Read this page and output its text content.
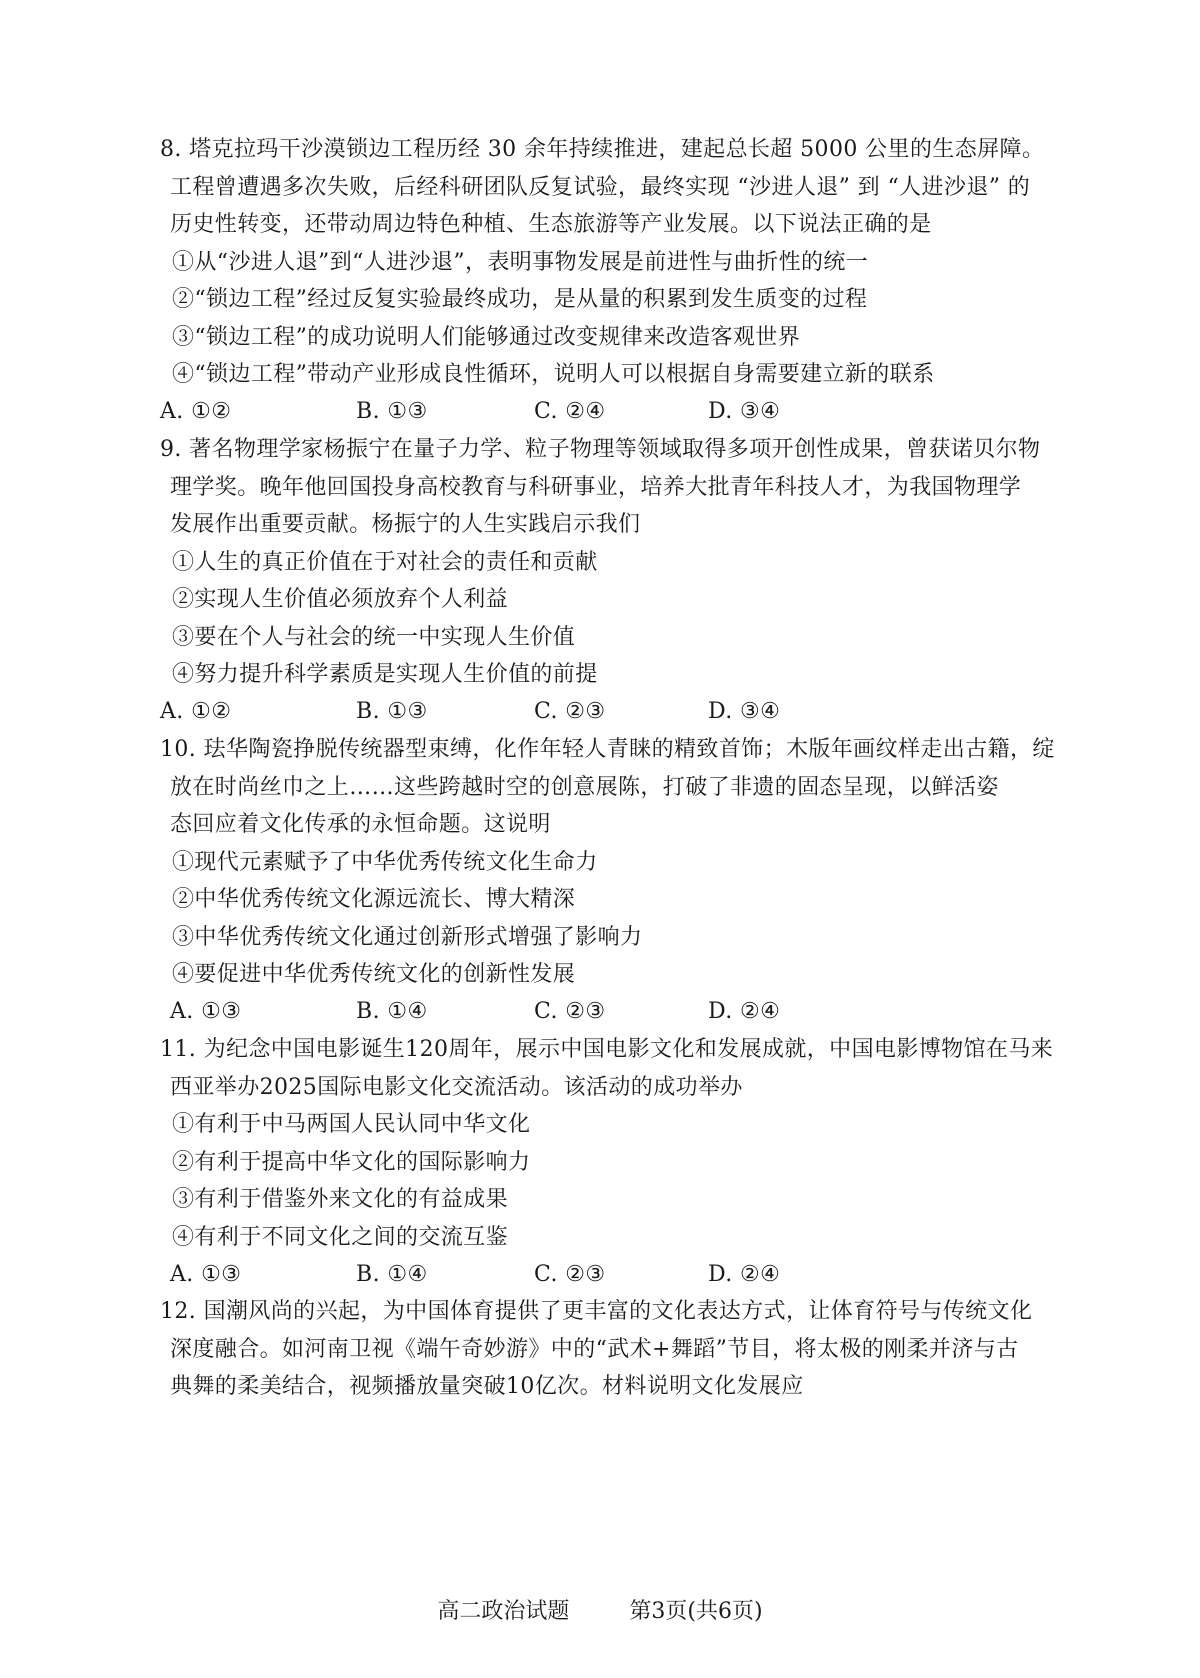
8. 塔克拉玛干沙漠锁边工程历经 30 余年持续推进，建起总长超 5000 公里的生态屏障。
工程曾遭遇多次失败，后经科研团队反复试验，最终实现 “沙进人退” 到 “人进沙退” 的
历史性转变，还带动周边特色种植、生态旅游等产业发展。以下说法正确的是
①从“沙进人退”到“人进沙退”，表明事物发展是前进性与曲折性的统一
②“锁边工程”经过反复实验最终成功，是从量的积累到发生质变的过程
③“锁边工程”的成功说明人们能够通过改变规律来改造客观世界
④“锁边工程”带动产业形成良性循环，说明人可以根据自身需要建立新的联系
A. ①②	B. ①③	C. ②④	D. ③④
9. 著名物理学家杨振宁在量子力学、粒子物理等领域取得多项开创性成果，曾获诺贝尔物
理学奖。晚年他回国投身高校教育与科研事业，培养大批青年科技人才，为我国物理学
发展作出重要贡献。杨振宁的人生实践启示我们
①人生的真正价值在于对社会的责任和贡献
②实现人生价值必须放弃个人利益
③要在个人与社会的统一中实现人生价值
④努力提升科学素质是实现人生价值的前提
A. ①②	B. ①③	C. ②③	D. ③④
10. 珐华陶瓷挣脱传统器型束缚，化作年轻人青睐的精致首饰；木版年画纹样走出古籍，绽
放在时尚丝巾之上……这些跨越时空的创意展陈，打破了非遗的固态呈现，以鲜活姿
态回应着文化传承的永恒命题。这说明
①现代元素赋予了中华优秀传统文化生命力
②中华优秀传统文化源远流长、博大精深
③中华优秀传统文化通过创新形式增强了影响力
④要促进中华优秀传统文化的创新性发展
A. ①③	B. ①④	C. ②③	D. ②④
11. 为纪念中国电影诞生120周年，展示中国电影文化和发展成就，中国电影博物馆在马来
西亚举办2025国际电影文化交流活动。该活动的成功举办
①有利于中马两国人民认同中华文化
②有利于提高中华文化的国际影响力
③有利于借鉴外来文化的有益成果
④有利于不同文化之间的交流互鉴
A. ①③	B. ①④	C. ②③	D. ②④
12. 国潮风尚的兴起，为中国体育提供了更丰富的文化表达方式，让体育符号与传统文化
深度融合。如河南卫视《端午奇妙游》中的“武术+舞蹈”节目，将太极的刚柔并济与古
典舞的柔美结合，视频播放量突破10亿次。材料说明文化发展应
高二政治试题	第3页(共6页)
